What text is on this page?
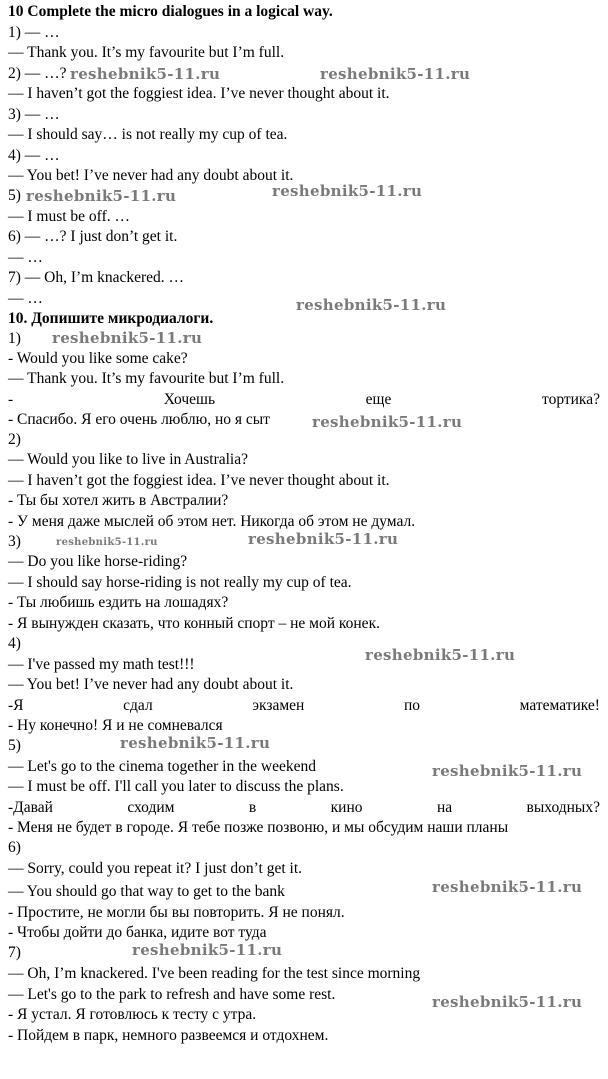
10 Complete the micro dialogues in a logical way.
1) — …
— Thank you. It’s my favourite but I’m full.
2) — …?
— I haven’t got the foggiest idea. I’ve never thought about it.
3) — …
— I should say… is not really my cup of tea.
4) — …
— You bet! I’ve never had any doubt about it.
5)
— I must be off. …
6) — …? I just don’t get it.
— …
7) — Oh, I’m knackered. …
— …
10. Допишите микродиалоги.
1)
- Would you like some cake?
— Thank you. It’s my favourite but I’m full.
-	Хочешь	еще	тортика?
- Спасибо. Я его очень люблю, но я сыт
2)
— Would you like to live in Australia?
— I haven’t got the foggiest idea. I’ve never thought about it.
- Ты бы хотел жить в Австралии?
- У меня даже мыслей об этом нет. Никогда об этом не думал.
3)
— Do you like horse-riding?
— I should say horse-riding is not really my cup of tea.
- Ты любишь ездить на лошадях?
- Я вынужден сказать, что конный спорт – не мой конек.
4)
— I've passed my math test!!!
— You bet! I’ve never had any doubt about it.
-Я	сдал	экзамен	по	математике!
- Ну конечно! Я и не сомневался
5)
— Let's go to the cinema together in the weekend
— I must be off. I'll call you later to discuss the plans.
-Давай	сходим	в	кино	на	выходных?
- Меня не будет в городе. Я тебе позже позвоню, и мы обсудим наши планы
6)
— Sorry, could you repeat it? I just don’t get it.
— You should go that way to get to the bank
- Простите, не могли бы вы повторить. Я не понял.
- Чтобы дойти до банка, идите вот туда
7)
— Oh, I’m knackered. I've been reading for the test since morning
— Let's go to the park to refresh and have some rest.
- Я устал. Я готовлюсь к тесту с утра.
- Пойдем в парк, немного развеемся и отдохнем.
reshebnik5-11.ru	reshebnik5-11.ru
reshebnik5-11.ru	reshebnik5-11.ru
reshebnik5-11.ru
reshebnik5-11.ru
reshebnik5-11.ru
reshebnik5-11.ru	reshebnik5-11.ru
reshebnik5-11.ru
reshebnik5-11.ru
reshebnik5-11.ru
reshebnik5-11.ru
reshebnik5-11.ru
reshebnik5-11.ru
